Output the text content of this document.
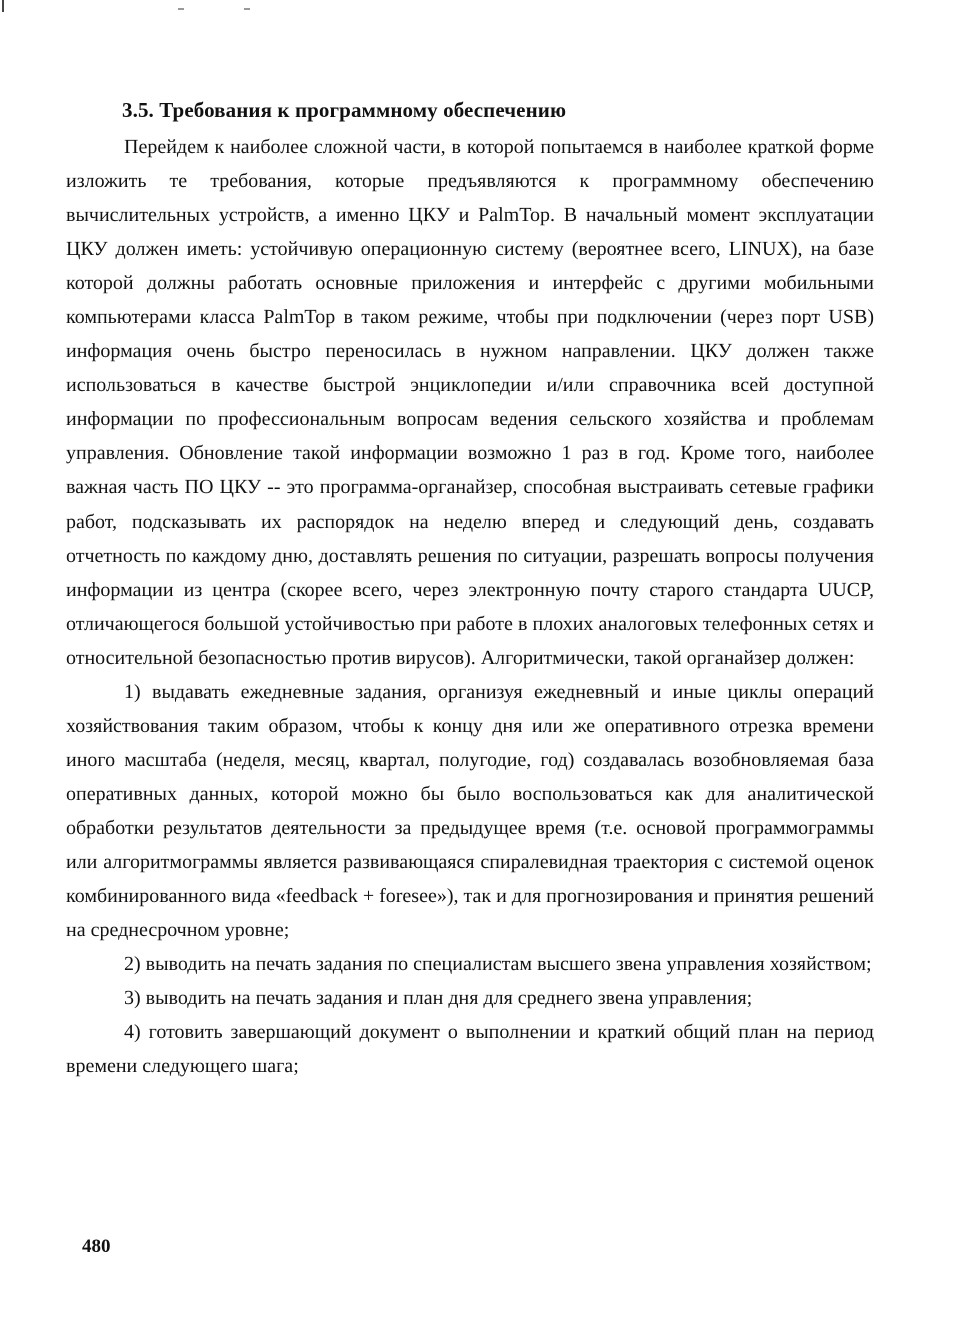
3.5. Требования к программному обеспечению

Перейдем к наиболее сложной части, в которой попытаемся в наиболее краткой форме изложить те требования, которые предъявляются к программному обеспечению вычислительных устройств, а именно ЦКУ и PalmTop. В начальный момент эксплуатации ЦКУ должен иметь: устойчивую операционную систему (вероятнее всего, LINUX), на базе которой должны работать основные приложения и интерфейс с другими мобильными компьютерами класса PalmTop в таком режиме, чтобы при подключении (через порт USB) информация очень быстро переносилась в нужном направлении. ЦКУ должен также использоваться в качестве быстрой энциклопедии и/или справочника всей доступной информации по профессиональным вопросам ведения сельского хозяйства и проблемам управления. Обновление такой информации возможно 1 раз в год. Кроме того, наиболее важная часть ПО ЦКУ -- это программа-органайзер, способная выстраивать сетевые графики работ, подсказывать их распорядок на неделю вперед и следующий день, создавать отчетность по каждому дню, доставлять решения по ситуации, разрешать вопросы получения информации из центра (скорее всего, через электронную почту старого стандарта UUCP, отличающегося большой устойчивостью при работе в плохих аналоговых телефонных сетях и относительной безопасностью против вирусов). Алгоритмически, такой органайзер должен:

1) выдавать ежедневные задания, организуя ежедневный и иные циклы операций хозяйствования таким образом, чтобы к концу дня или же оперативного отрезка времени иного масштаба (неделя, месяц, квартал, полугодие, год) создавалась возобновляемая база оперативных данных, которой можно бы было воспользоваться как для аналитической обработки результатов деятельности за предыдущее время (т.е. основой программограммы или алгоритмограммы является развивающаяся спиралевидная траектория с системой оценок комбинированного вида «feedback + foresee»), так и для прогнозирования и принятия решений на среднесрочном уровне;

2) выводить на печать задания по специалистам высшего звена управления хозяйством;

3) выводить на печать задания и план дня для среднего звена управления;

4) готовить завершающий документ о выполнении и краткий общий план на период времени следующего шага;

480
